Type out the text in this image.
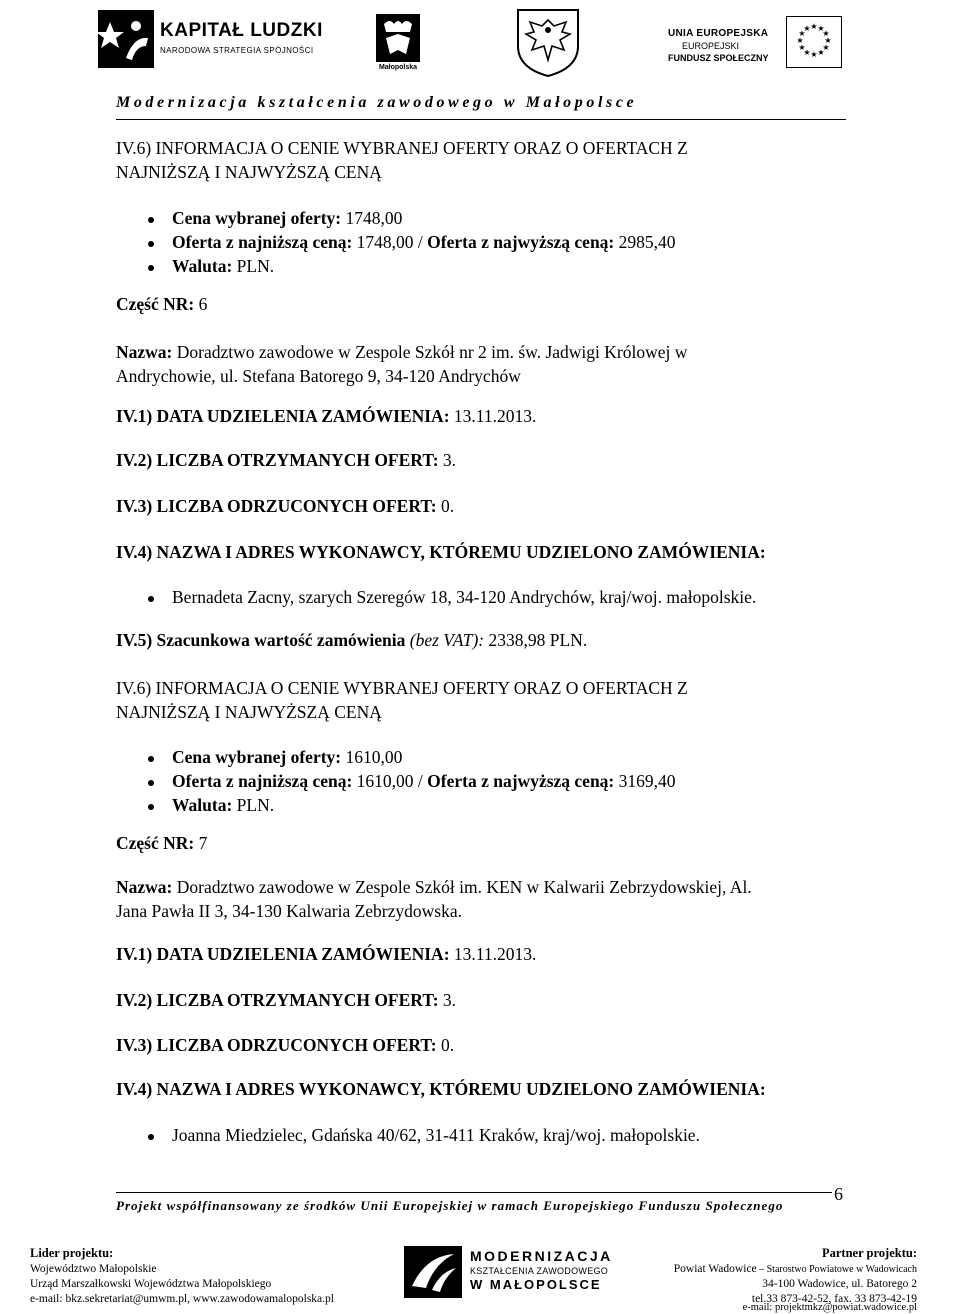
KAPITAŁ LUDZKI
NARODOWA STRATEGIA SPÓJNOŚCI
Małopolska
UNIA EUROPEJSKA
EUROPEJSKI
FUNDUSZ SPOŁECZNY
★ ★
★
★
★
★
★
★
★
★
★
★
Modernizacja kształcenia zawodowego w Małopolsce
IV.6) INFORMACJA O CENIE WYBRANEJ OFERTY ORAZ O OFERTACH Z
NAJNIŻSZĄ I NAJWYŻSZĄ CENĄ
Cena wybranej oferty: 1748,00
Oferta z najniższą ceną: 1748,00 / Oferta z najwyższą ceną: 2985,40
Waluta: PLN.
Część NR: 6
Nazwa: Doradztwo zawodowe w Zespole Szkół nr 2 im. św. Jadwigi Królowej w
Andrychowie, ul. Stefana Batorego 9, 34-120 Andrychów
IV.1) DATA UDZIELENIA ZAMÓWIENIA: 13.11.2013.
IV.2) LICZBA OTRZYMANYCH OFERT: 3.
IV.3) LICZBA ODRZUCONYCH OFERT: 0.
IV.4) NAZWA I ADRES WYKONAWCY, KTÓREMU UDZIELONO ZAMÓWIENIA:
Bernadeta Zacny, szarych Szeregów 18, 34-120 Andrychów, kraj/woj. małopolskie.
IV.5) Szacunkowa wartość zamówienia (bez VAT): 2338,98 PLN.
IV.6) INFORMACJA O CENIE WYBRANEJ OFERTY ORAZ O OFERTACH Z
NAJNIŻSZĄ I NAJWYŻSZĄ CENĄ
Cena wybranej oferty: 1610,00
Oferta z najniższą ceną: 1610,00 / Oferta z najwyższą ceną: 3169,40
Waluta: PLN.
Część NR: 7
Nazwa: Doradztwo zawodowe w Zespole Szkół im. KEN w Kalwarii Zebrzydowskiej, Al.
Jana Pawła II 3, 34-130 Kalwaria Zebrzydowska.
IV.1) DATA UDZIELENIA ZAMÓWIENIA: 13.11.2013.
IV.2) LICZBA OTRZYMANYCH OFERT: 3.
IV.3) LICZBA ODRZUCONYCH OFERT: 0.
IV.4) NAZWA I ADRES WYKONAWCY, KTÓREMU UDZIELONO ZAMÓWIENIA:
Joanna Miedzielec, Gdańska 40/62, 31-411 Kraków, kraj/woj. małopolskie.
6
Projekt współfinansowany ze środków Unii Europejskiej w ramach Europejskiego Funduszu Społecznego
Lider projektu:
Województwo Małopolskie
Urząd Marszałkowski Województwa Małopolskiego
e-mail: bkz.sekretariat@umwm.pl, www.zawodowamalopolska.pl
MODERNIZACJA
KSZTAŁCENIA ZAWODOWEGO
W MAŁOPOLSCE
Partner projektu:
Powiat Wadowice – Starostwo Powiatowe w Wadowicach
34-100 Wadowice, ul. Batorego 2
tel.33 873-42-52, fax. 33 873-42-19
e-mail: projektmkz@powiat.wadowice.pl
